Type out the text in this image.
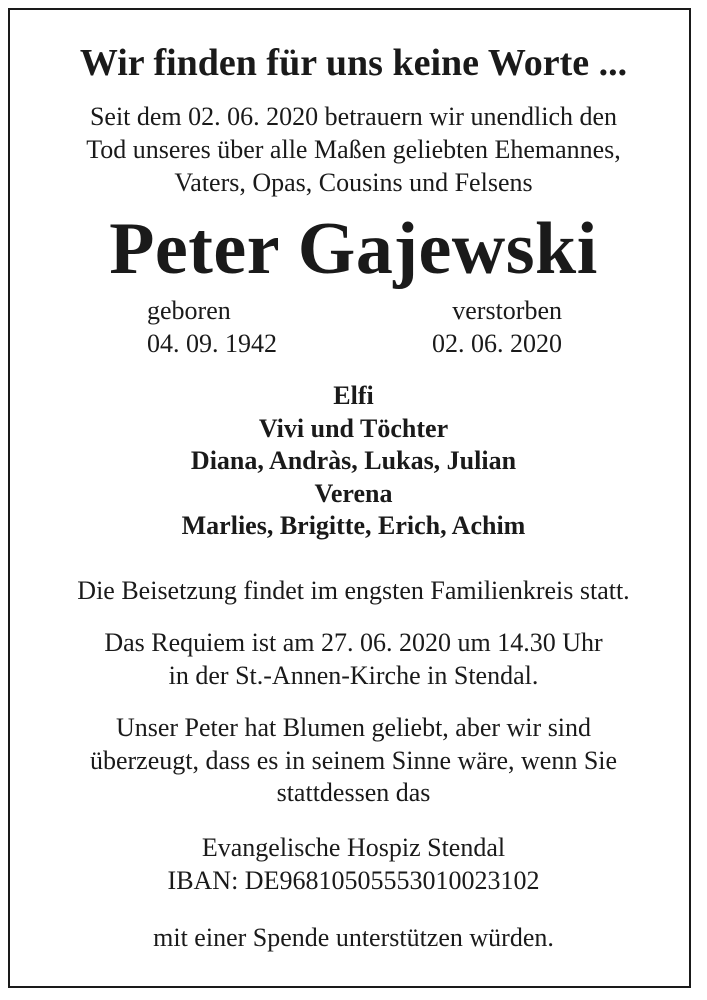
Wir finden für uns keine Worte ...
Seit dem 02. 06. 2020 betrauern wir unendlich den
Tod unseres über alle Maßen geliebten Ehemannes,
Vaters, Opas, Cousins und Felsens
Peter Gajewski
geboren
04. 09. 1942
verstorben
02. 06. 2020
Elfi
Vivi und Töchter
Diana, Andràs, Lukas, Julian
Verena
Marlies, Brigitte, Erich, Achim
Die Beisetzung findet im engsten Familienkreis statt.
Das Requiem ist am 27. 06. 2020 um 14.30 Uhr
in der St.-Annen-Kirche in Stendal.
Unser Peter hat Blumen geliebt, aber wir sind
überzeugt, dass es in seinem Sinne wäre, wenn Sie
stattdessen das
Evangelische Hospiz Stendal
IBAN: DE96810505553010023102
mit einer Spende unterstützen würden.
